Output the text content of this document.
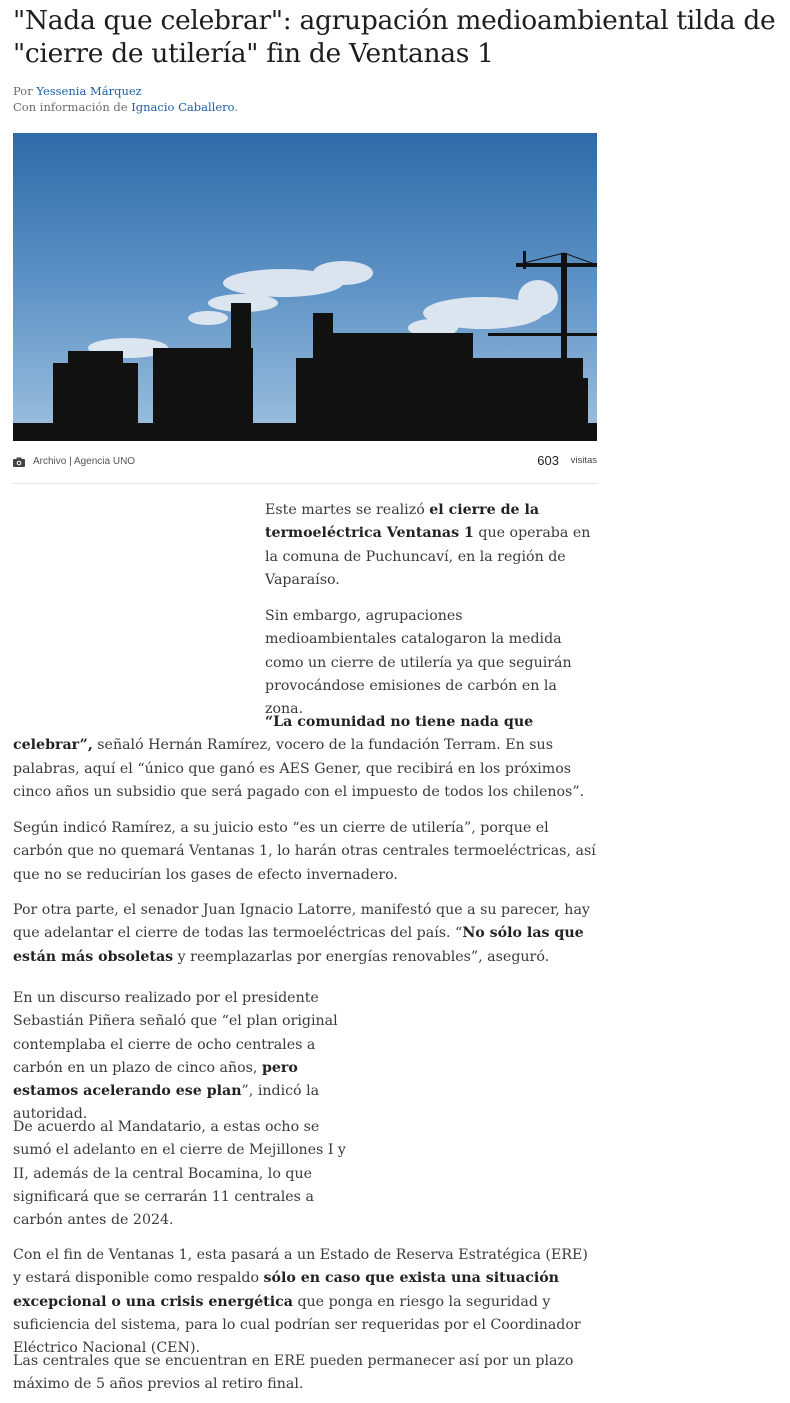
"Nada que celebrar": agrupación medioambiental tilda de "cierre de utilería" fin de Ventanas 1
Por Yessenia Márquez
Con información de Ignacio Caballero.
Archivo | Agencia UNO	603 visitas

Este martes se realizó el cierre de la termoeléctrica Ventanas 1 que operaba en la comuna de Puchuncaví, en la región de Vaparaíso.

Sin embargo, agrupaciones medioambientales catalogaron la medida como un cierre de utilería ya que seguirán provocándose emisiones de carbón en la zona.

“La comunidad no tiene nada que celebrar”, señaló Hernán Ramírez, vocero de la fundación Terram. En sus palabras, aquí el “único que ganó es AES Gener, que recibirá en los próximos cinco años un subsidio que será pagado con el impuesto de todos los chilenos”.

Según indicó Ramírez, a su juicio esto “es un cierre de utilería”, porque el carbón que no quemará Ventanas 1, lo harán otras centrales termoeléctricas, así que no se reducirían los gases de efecto invernadero.

Por otra parte, el senador Juan Ignacio Latorre, manifestó que a su parecer, hay que adelantar el cierre de todas las termoeléctricas del país. “No sólo las que están más obsoletas y reemplazarlas por energías renovables”, aseguró.

En un discurso realizado por el presidente Sebastián Piñera señaló que “el plan original contemplaba el cierre de ocho centrales a carbón en un plazo de cinco años, pero estamos acelerando ese plan”, indicó la autoridad.

De acuerdo al Mandatario, a estas ocho se sumó el adelanto en el cierre de Mejillones I y II, además de la central Bocamina, lo que significará que se cerrarán 11 centrales a carbón antes de 2024.

Con el fin de Ventanas 1, esta pasará a un Estado de Reserva Estratégica (ERE) y estará disponible como respaldo sólo en caso que exista una situación excepcional o una crisis energética que ponga en riesgo la seguridad y suficiencia del sistema, para lo cual podrían ser requeridas por el Coordinador Eléctrico Nacional (CEN).

Las centrales que se encuentran en ERE pueden permanecer así por un plazo máximo de 5 años previos al retiro final.
